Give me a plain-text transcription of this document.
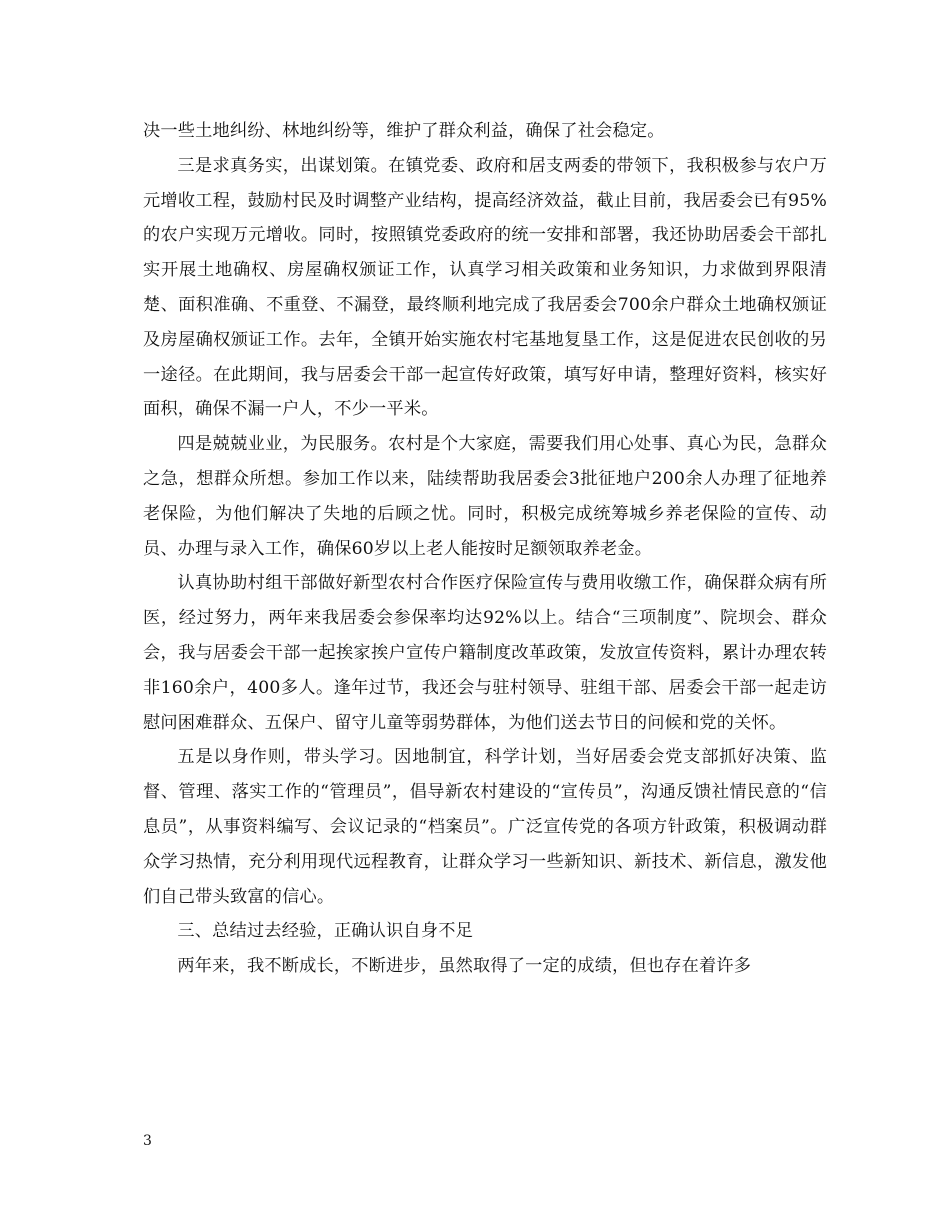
决一些土地纠纷、林地纠纷等，维护了群众利益，确保了社会稳定。

三是求真务实，出谋划策。在镇党委、政府和居支两委的带领下，我积极参与农户万元增收工程，鼓励村民及时调整产业结构，提高经济效益，截止目前，我居委会已有95%的农户实现万元增收。同时，按照镇党委政府的统一安排和部署，我还协助居委会干部扎实开展土地确权、房屋确权颁证工作，认真学习相关政策和业务知识，力求做到界限清楚、面积准确、不重登、不漏登，最终顺利地完成了我居委会700余户群众土地确权颁证及房屋确权颁证工作。去年，全镇开始实施农村宅基地复垦工作，这是促进农民创收的另一途径。在此期间，我与居委会干部一起宣传好政策，填写好申请，整理好资料，核实好面积，确保不漏一户人，不少一平米。

四是兢兢业业，为民服务。农村是个大家庭，需要我们用心处事、真心为民，急群众之急，想群众所想。参加工作以来，陆续帮助我居委会3批征地户200余人办理了征地养老保险，为他们解决了失地的后顾之忧。同时，积极完成统筹城乡养老保险的宣传、动员、办理与录入工作，确保60岁以上老人能按时足额领取养老金。

认真协助村组干部做好新型农村合作医疗保险宣传与费用收缴工作，确保群众病有所医，经过努力，两年来我居委会参保率均达92%以上。结合“三项制度”、院坝会、群众会，我与居委会干部一起挨家挨户宣传户籍制度改革政策，发放宣传资料，累计办理农转非160余户，400多人。逢年过节，我还会与驻村领导、驻组干部、居委会干部一起走访慰问困难群众、五保户、留守儿童等弱势群体，为他们送去节日的问候和党的关怀。

五是以身作则，带头学习。因地制宜，科学计划，当好居委会党支部抓好决策、监督、管理、落实工作的“管理员”，倡导新农村建设的“宣传员”，沟通反馈社情民意的“信息员”，从事资料编写、会议记录的“档案员”。广泛宣传党的各项方针政策，积极调动群众学习热情，充分利用现代远程教育，让群众学习一些新知识、新技术、新信息，激发他们自己带头致富的信心。

三、总结过去经验，正确认识自身不足

两年来，我不断成长，不断进步，虽然取得了一定的成绩，但也存在着许多

3
